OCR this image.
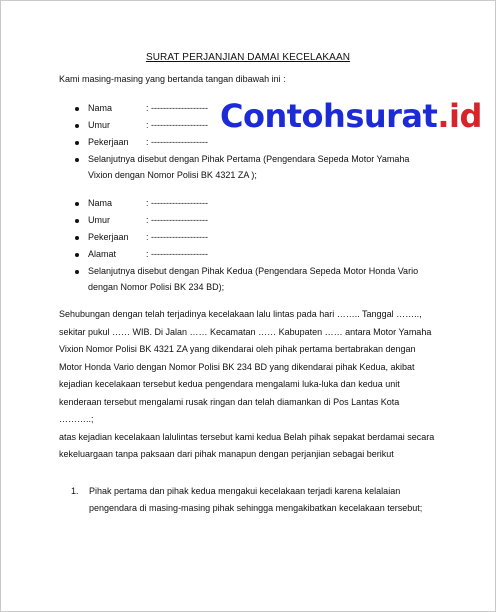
SURAT PERJANJIAN DAMAI KECELAKAAN
Kami masing-masing yang bertanda tangan dibawah ini :
Nama	: -------------------
Umur	: -------------------
Pekerjaan : -------------------
Selanjutnya disebut dengan Pihak Pertama (Pengendara Sepeda Motor Yamaha Vixion dengan Nomor Polisi BK 4321 ZA );
Contohsurat.id
Nama	: -------------------
Umur	: -------------------
Pekerjaan : -------------------
Alamat	: -------------------
Selanjutnya disebut dengan Pihak Kedua (Pengendara Sepeda Motor Honda Vario dengan Nomor Polisi BK 234 BD);
Sehubungan dengan telah terjadinya kecelakaan lalu lintas pada hari …….. Tanggal …….., sekitar pukul …… WIB. Di Jalan …… Kecamatan …… Kabupaten …… antara Motor Yamaha Vixion Nomor Polisi BK 4321 ZA yang dikendarai oleh pihak pertama bertabrakan dengan Motor Honda Vario dengan Nomor Polisi BK 234 BD yang dikendarai pihak Kedua, akibat kejadian kecelakaan tersebut kedua pengendara mengalami luka-luka dan kedua unit kenderaan tersebut mengalami rusak ringan dan telah diamankan di Pos Lantas Kota ………..;
atas kejadian kecelakaan lalulintas tersebut kami kedua Belah pihak sepakat berdamai secara kekeluargaan tanpa paksaan dari pihak manapun dengan perjanjian sebagai berikut
1. Pihak pertama dan pihak kedua mengakui kecelakaan terjadi karena kelalaian pengendara di masing-masing pihak sehingga mengakibatkan kecelakaan tersebut;
